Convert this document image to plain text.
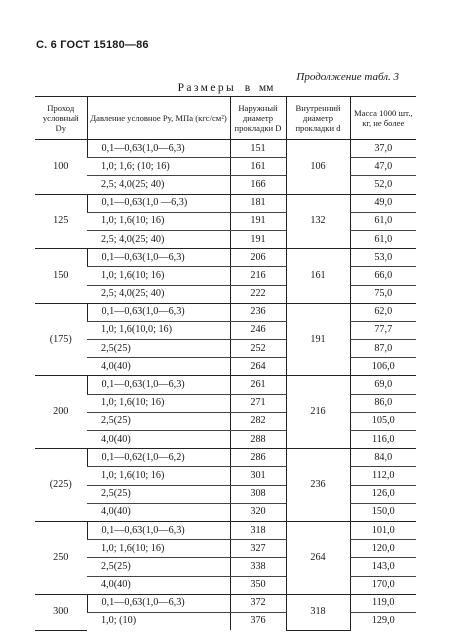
С. 6 ГОСТ 15180—86
Продолжение табл. 3
Размеры в мм
Проход условный Dy	Давление условное Pу, МПа (кгс/см²)	Наружный диаметр прокладки D	Внутренний диаметр прокладки d	Масса 1000 шт., кг, не более
100	0,1—0,63(1,0—6,3)	151	106	37,0
	1,0; 1,6; (10; 16)	161		47,0
	2,5; 4,0(25; 40)	166		52,0
125	0,1—0,63(1,0 —6,3)	181	132	49,0
	1,0; 1,6(10; 16)	191		61,0
	2,5; 4,0(25; 40)	191		61,0
150	0,1—0,63(1,0—6,3)	206	161	53,0
	1,0; 1,6(10; 16)	216		66,0
	2,5; 4,0(25; 40)	222		75,0
(175)	0,1—0,63(1,0—6,3)	236	191	62,0
	1,0; 1,6(10,0; 16)	246		77,7
	2,5(25)	252		87,0
	4,0(40)	264		106,0
200	0,1—0,63(1,0—6,3)	261	216	69,0
	1,0; 1,6(10; 16)	271		86,0
	2,5(25)	282		105,0
	4,0(40)	288		116,0
(225)	0,1—0,62(1,0—6,2)	286	236	84,0
	1,0; 1,6(10; 16)	301		112,0
	2,5(25)	308		126,0
	4,0(40)	320		150,0
250	0,1—0,63(1,0—6,3)	318	264	101,0
	1,0; 1,6(10; 16)	327		120,0
	2,5(25)	338		143,0
	4,0(40)	350		170,0
300	0,1—0,63(1,0—6,3)	372	318	119,0
	1,0; (10)	376		129,0
